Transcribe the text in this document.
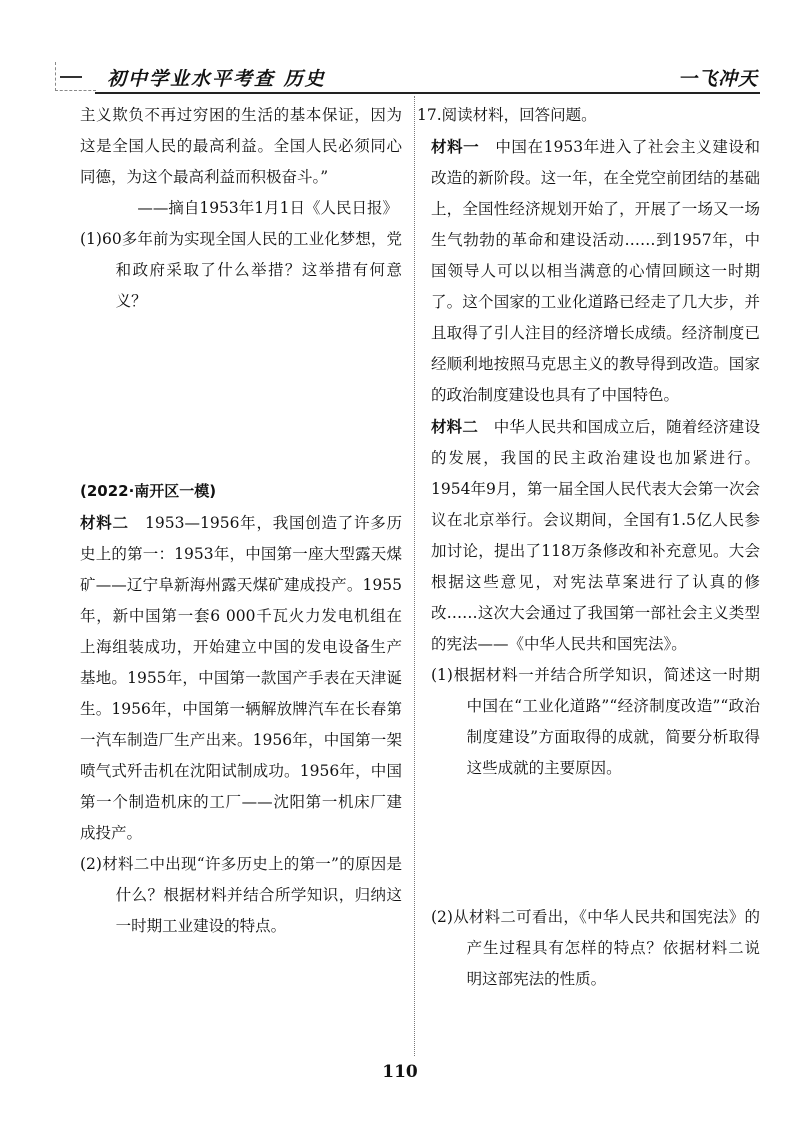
初中学业水平考查 历史	一飞冲天

主义欺负不再过穷困的生活的基本保证，因为这是全国人民的最高利益。全国人民必须同心同德，为这个最高利益而积极奋斗。”

——摘自1953年1月1日《人民日报》

(1)60多年前为实现全国人民的工业化梦想，党和政府采取了什么举措？这举措有何意义？

(2022·南开区一模)

材料二　1953—1956年，我国创造了许多历史上的第一：1953年，中国第一座大型露天煤矿——辽宁阜新海州露天煤矿建成投产。1955年，新中国第一套6 000千瓦火力发电机组在上海组装成功，开始建立中国的发电设备生产基地。1955年，中国第一款国产手表在天津诞生。1956年，中国第一辆解放牌汽车在长春第一汽车制造厂生产出来。1956年，中国第一架喷气式歼击机在沈阳试制成功。1956年，中国第一个制造机床的工厂——沈阳第一机床厂建成投产。

(2)材料二中出现“许多历史上的第一”的原因是什么？根据材料并结合所学知识，归纳这一时期工业建设的特点。

17.阅读材料，回答问题。

材料一　中国在1953年进入了社会主义建设和改造的新阶段。这一年，在全党空前团结的基础上，全国性经济规划开始了，开展了一场又一场生气勃勃的革命和建设活动……到1957年，中国领导人可以以相当满意的心情回顾这一时期了。这个国家的工业化道路已经走了几大步，并且取得了引人注目的经济增长成绩。经济制度已经顺利地按照马克思主义的教导得到改造。国家的政治制度建设也具有了中国特色。

材料二　中华人民共和国成立后，随着经济建设的发展，我国的民主政治建设也加紧进行。1954年9月，第一届全国人民代表大会第一次会议在北京举行。会议期间，全国有1.5亿人民参加讨论，提出了118万条修改和补充意见。大会根据这些意见，对宪法草案进行了认真的修改……这次大会通过了我国第一部社会主义类型的宪法——《中华人民共和国宪法》。

(1)根据材料一并结合所学知识，简述这一时期中国在“工业化道路”“经济制度改造”“政治制度建设”方面取得的成就，简要分析取得这些成就的主要原因。

(2)从材料二可看出，《中华人民共和国宪法》的产生过程具有怎样的特点？依据材料二说明这部宪法的性质。

110
